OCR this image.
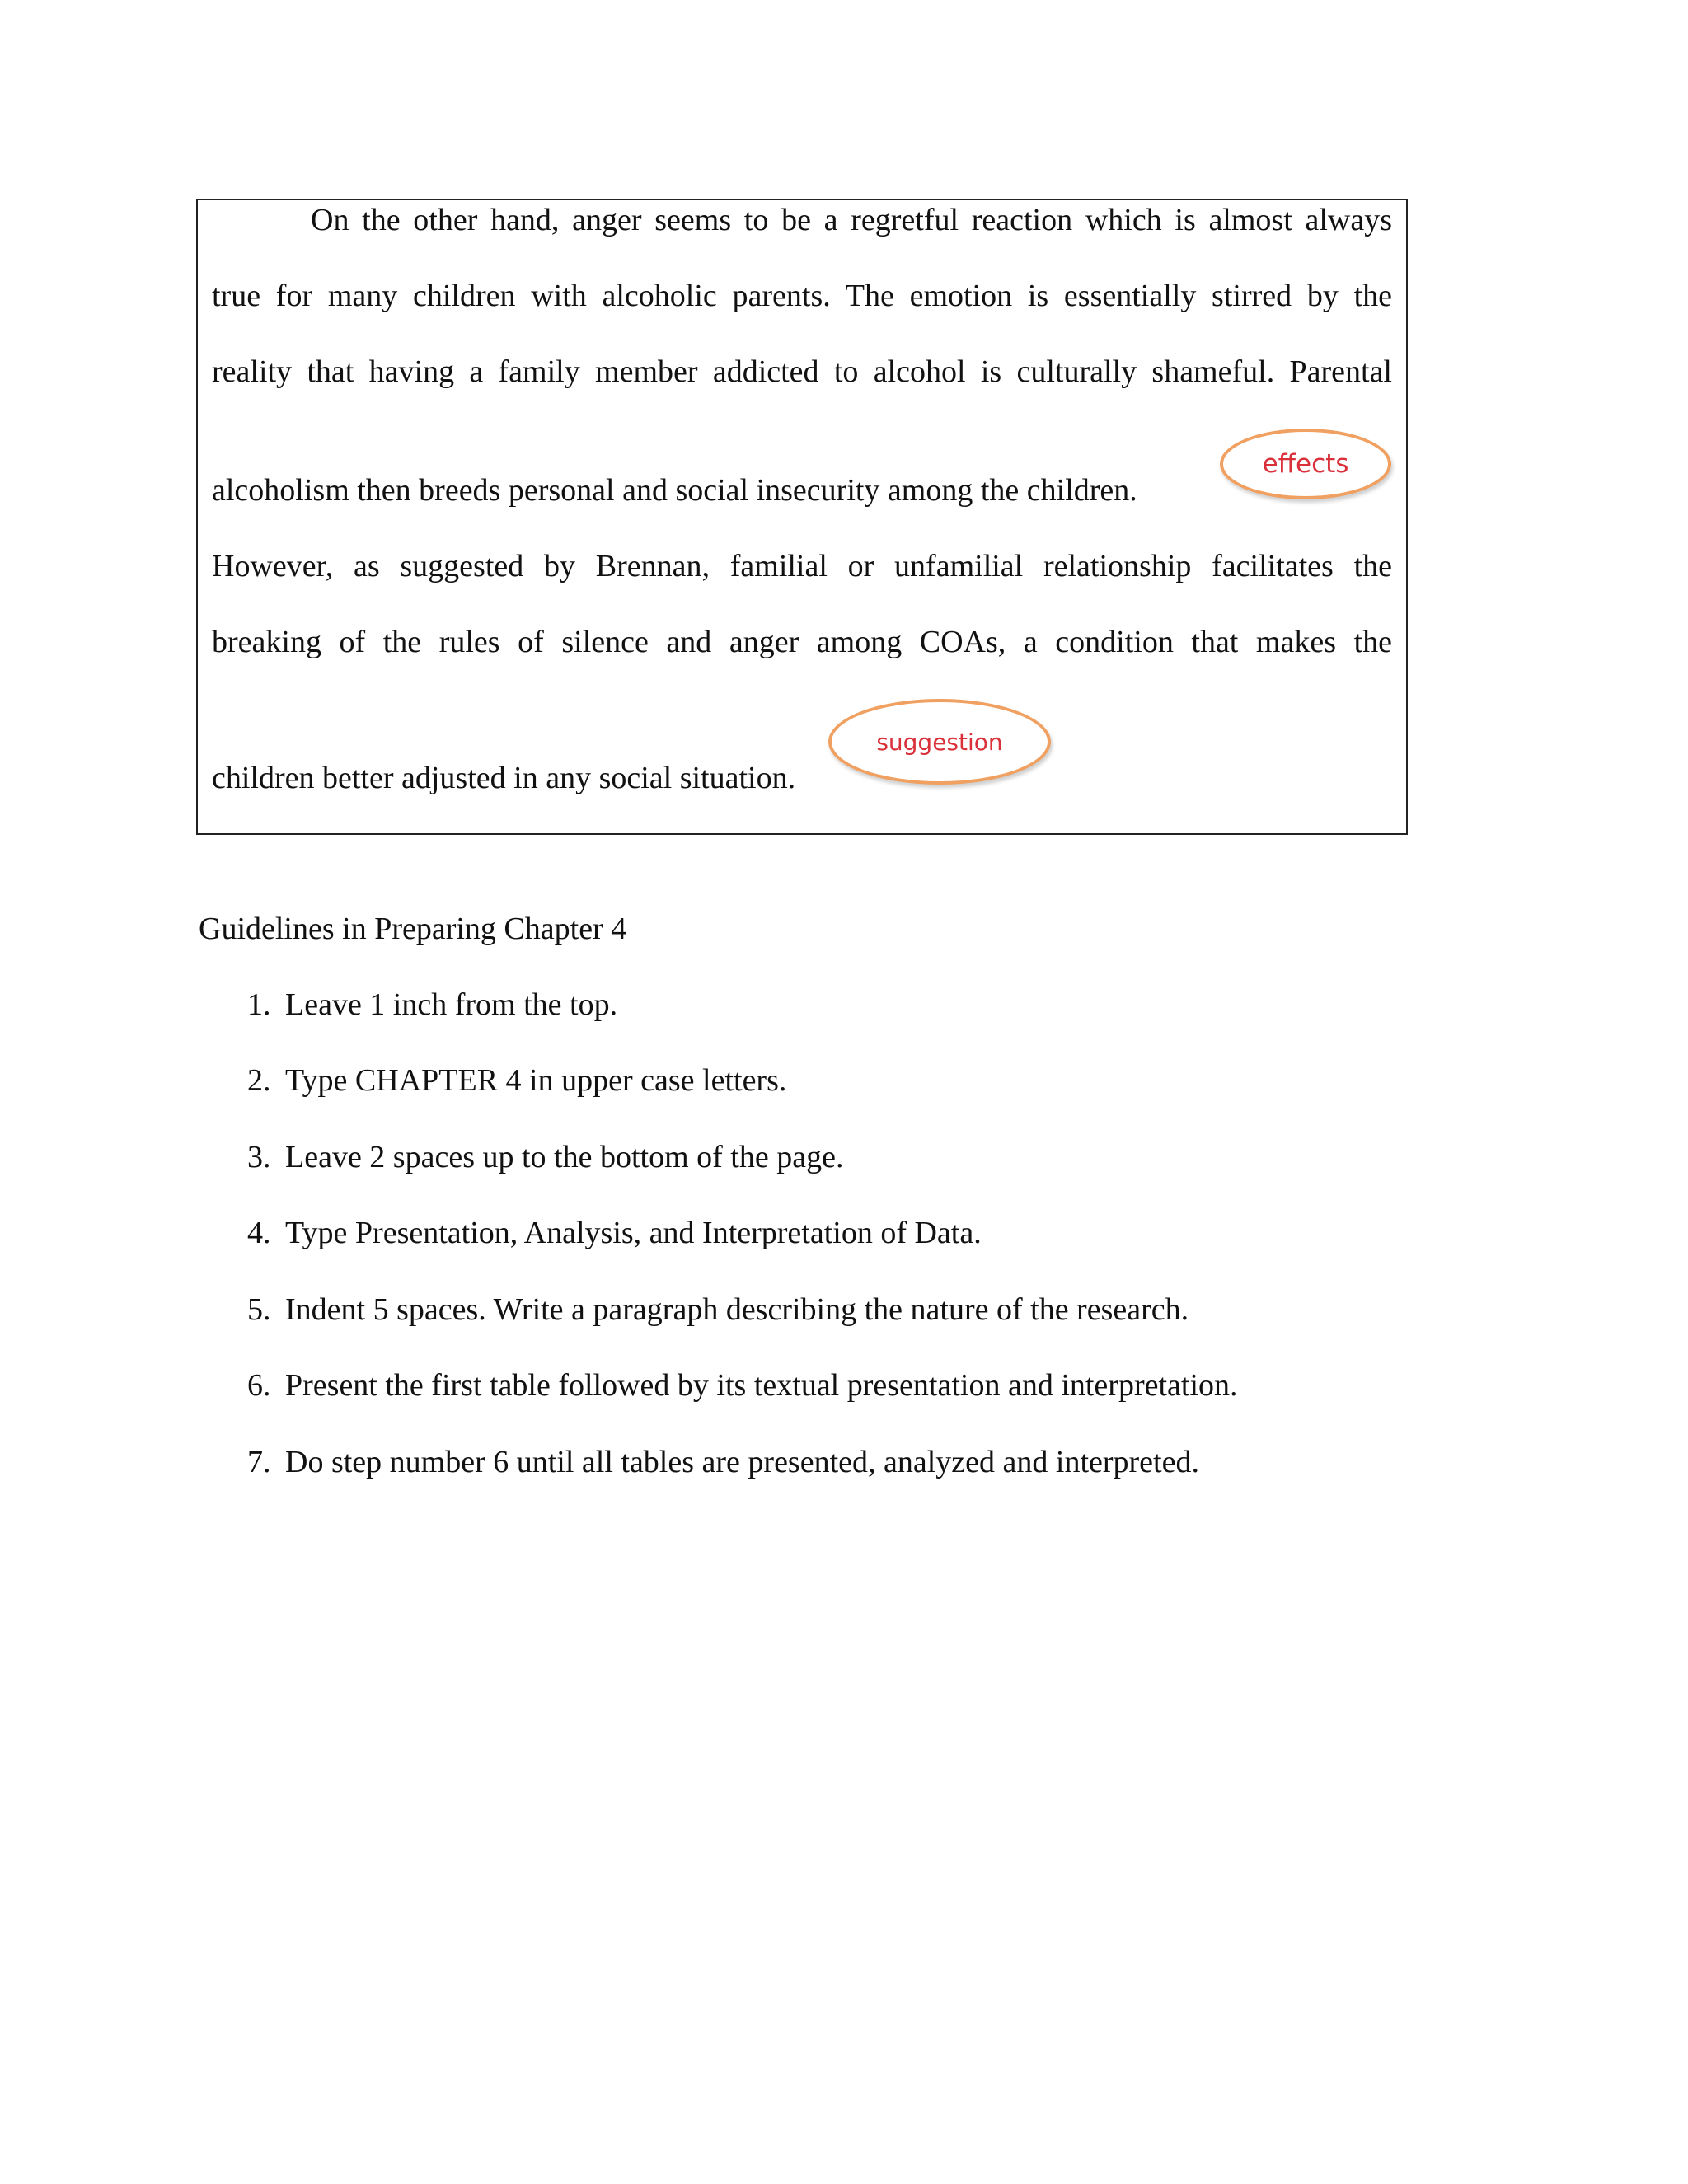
On the other hand, anger seems to be a regretful reaction which is almost always
true for many children with alcoholic parents. The emotion is essentially stirred by the
reality that having a family member addicted to alcohol is culturally shameful. Parental
alcoholism then breeds personal and social insecurity among the children.
However, as suggested by Brennan, familial or unfamilial relationship facilitates the
breaking of the rules of silence and anger among COAs, a condition that makes the
children better adjusted in any social situation.
effects
suggestion
Guidelines in Preparing Chapter 4
1. Leave 1 inch from the top.
2. Type CHAPTER 4 in upper case letters.
3. Leave 2 spaces up to the bottom of the page.
4. Type Presentation, Analysis, and Interpretation of Data.
5. Indent 5 spaces. Write a paragraph describing the nature of the research.
6. Present the first table followed by its textual presentation and interpretation.
7. Do step number 6 until all tables are presented, analyzed and interpreted.
